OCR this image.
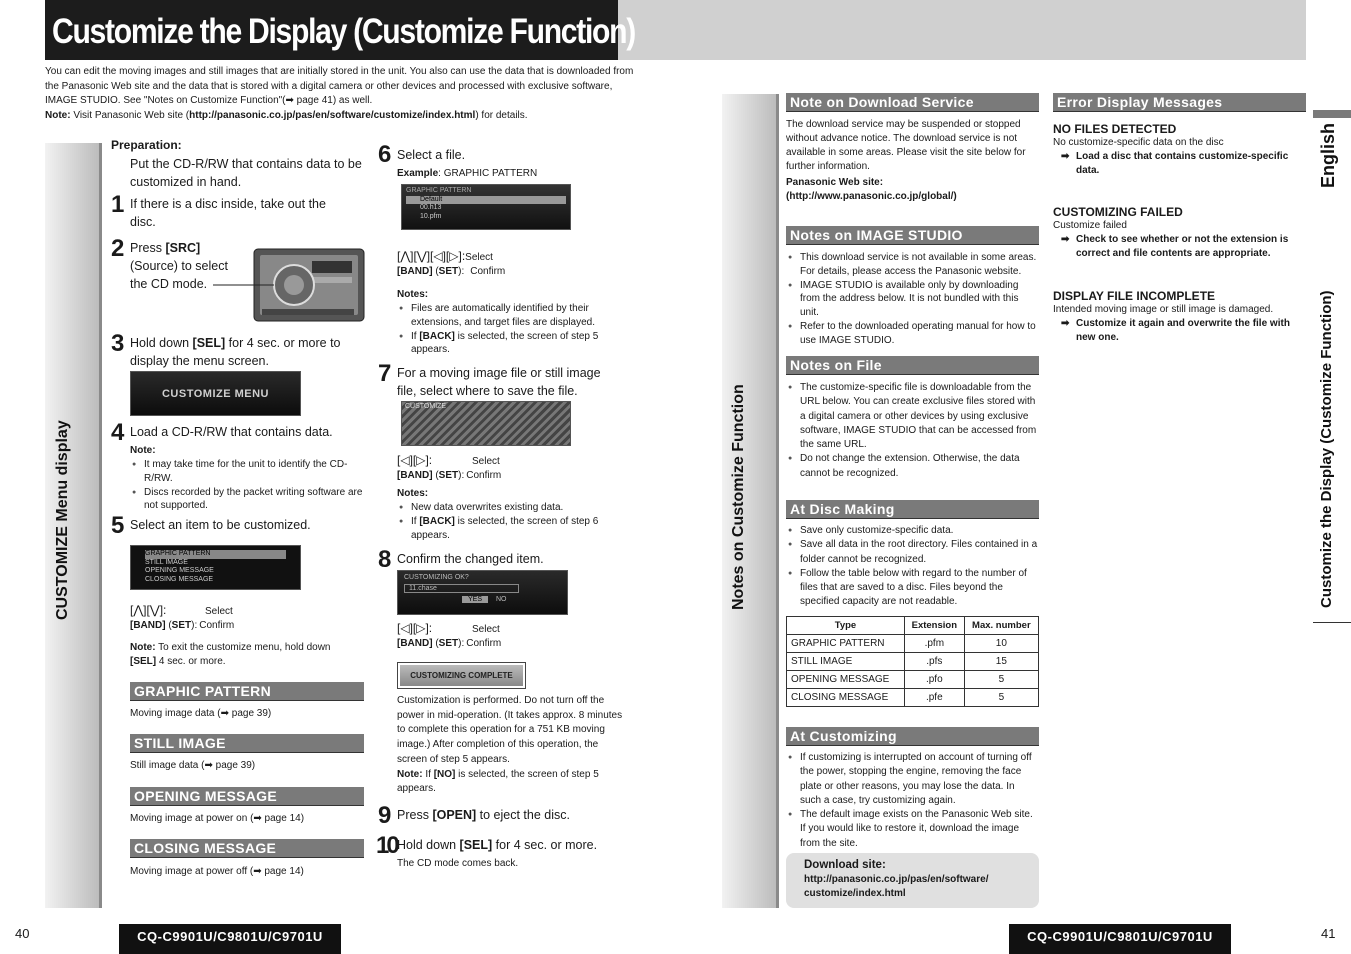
Customize the Display (Customize Function)

You can edit the moving images and still images that are initially stored in the unit. You also can use the data that is downloaded from

the Panasonic Web site and the data that is stored with a digital camera or other devices and processed with exclusive software,

IMAGE STUDIO. See "Notes on Customize Function"(➡ page 41) as well.

Note: Visit Panasonic Web site (http://panasonic.co.jp/pas/en/software/customize/index.html) for details.

CUSTOMIZE Menu display
Preparation:
Put the CD-R/RW that contains data to be customized in hand.
1 If there is a disc inside, take out the disc.
2 Press [SRC](Source) to select the CD mode.
3 Hold down [SEL] for 4 sec. or more to display the menu screen.
CUSTOMIZE MENU
4 Load a CD-R/RW that contains data.
Note:
● It may take time for the unit to identify the CD-R/RW.
● Discs recorded by the packet writing software are not supported.
5 Select an item to be customized.
GRAPHIC PATTERN
STILL IMAGE
OPENING MESSAGE
CLOSING MESSAGE
[⋀][⋁]:	Select
[BAND] (SET): Confirm
Note: To exit the customize menu, hold down
[SEL] 4 sec. or more.
GRAPHIC PATTERN
Moving image data (➡ page 39)
STILL IMAGE
Still image data (➡ page 39)
OPENING MESSAGE
Moving image at power on (➡ page 14)
CLOSING MESSAGE
Moving image at power off (➡ page 14)
6 Select a file.
Example: GRAPHIC PATTERN
GRAPHIC PATTERN
Default
00.h13
10.pfm
[⋀][⋁][◁][▷]:Select
[BAND] (SET): Confirm
Notes:
● Files are automatically identified by their extensions, and target files are displayed.
● If [BACK] is selected, the screen of step 5 appears.
7 For a moving image file or still image file, select where to save the file.
CUSTOMIZE
[◁][▷]:	Select
[BAND] (SET): Confirm
Notes:
● New data overwrites existing data.
● If [BACK] is selected, the screen of step 6 appears.
8 Confirm the changed item.
CUSTOMIZING OK?
11.chase
YES NO
[◁][▷]:	Select
[BAND] (SET): Confirm
CUSTOMIZING COMPLETE
Customization is performed. Do not turn off the power in mid-operation. (It takes approx. 8 minutes to complete this operation for a 751 KB moving image.) After completion of this operation, the screen of step 5 appears.
Note: If [NO] is selected, the screen of step 5 appears.
9 Press [OPEN] to eject the disc.
10 Hold down [SEL] for 4 sec. or more.
The CD mode comes back.
Notes on Customize Function
Note on Download Service
The download service may be suspended or stopped without advance notice. The download service is not available in some areas. Please visit the site below for further information.
Panasonic Web site:
(http://www.panasonic.co.jp/global/)
Notes on IMAGE STUDIO
● This download service is not available in some areas. For details, please access the Panasonic website.
● IMAGE STUDIO is available only by downloading from the address below. It is not bundled with this unit.
● Refer to the downloaded operating manual for how to use IMAGE STUDIO.
Notes on File
● The customize-specific file is downloadable from the URL below. You can create exclusive files stored with a digital camera or other devices by using exclusive software, IMAGE STUDIO that can be accessed from the same URL.
● Do not change the extension. Otherwise, the data cannot be recognized.
At Disc Making
● Save only customize-specific data.
● Save all data in the root directory. Files contained in a folder cannot be recognized.
● Follow the table below with regard to the number of files that are saved to a disc. Files beyond the specified capacity are not readable.
Type	Extension	Max. number
GRAPHIC PATTERN	.pfm	10
STILL IMAGE	.pfs	15
OPENING MESSAGE	.pfo	5
CLOSING MESSAGE	.pfe	5
At Customizing
● If customizing is interrupted on account of turning off the power, stopping the engine, removing the face plate or other reasons, you may lose the data. In such a case, try customizing again.
● The default image exists on the Panasonic Web site. If you would like to restore it, download the image from the site.
Download site:
http://panasonic.co.jp/pas/en/software/
customize/index.html
Error Display Messages
NO FILES DETECTED
No customize-specific data on the disc
➡ Load a disc that contains customize-specific data.
CUSTOMIZING FAILED
Customize failed
➡ Check to see whether or not the extension is correct and file contents are appropriate.
DISPLAY FILE INCOMPLETE
Intended moving image or still image is damaged.
➡ Customize it again and overwrite the file with new one.
English
Customize the Display (Customize Function)
40	CQ-C9901U/C9801U/C9701U	CQ-C9901U/C9801U/C9701U	41
